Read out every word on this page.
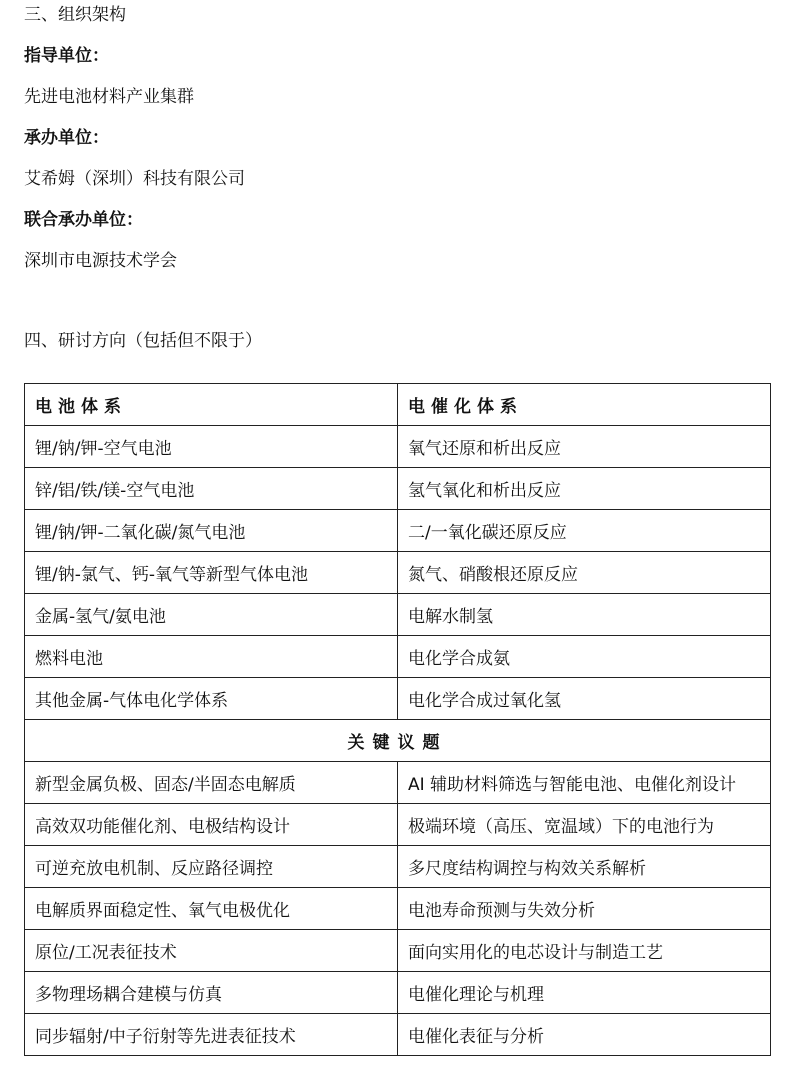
三、组织架构
指导单位：
先进电池材料产业集群
承办单位：
艾希姆（深圳）科技有限公司
联合承办单位：
深圳市电源技术学会
四、研讨方向（包括但不限于）
电池体系	电催化体系
锂/钠/钾-空气电池	氧气还原和析出反应
锌/铝/铁/镁-空气电池	氢气氧化和析出反应
锂/钠/钾-二氧化碳/氮气电池	二/一氧化碳还原反应
锂/钠-氯气、钙-氧气等新型气体电池	氮气、硝酸根还原反应
金属-氢气/氨电池	电解水制氢
燃料电池	电化学合成氨
其他金属-气体电化学体系	电化学合成过氧化氢
关键议题	
新型金属负极、固态/半固态电解质	AI 辅助材料筛选与智能电池、电催化剂设计
高效双功能催化剂、电极结构设计	极端环境（高压、宽温域）下的电池行为
可逆充放电机制、反应路径调控	多尺度结构调控与构效关系解析
电解质界面稳定性、氧气电极优化	电池寿命预测与失效分析
原位/工况表征技术	面向实用化的电芯设计与制造工艺
多物理场耦合建模与仿真	电催化理论与机理
同步辐射/中子衍射等先进表征技术	电催化表征与分析
